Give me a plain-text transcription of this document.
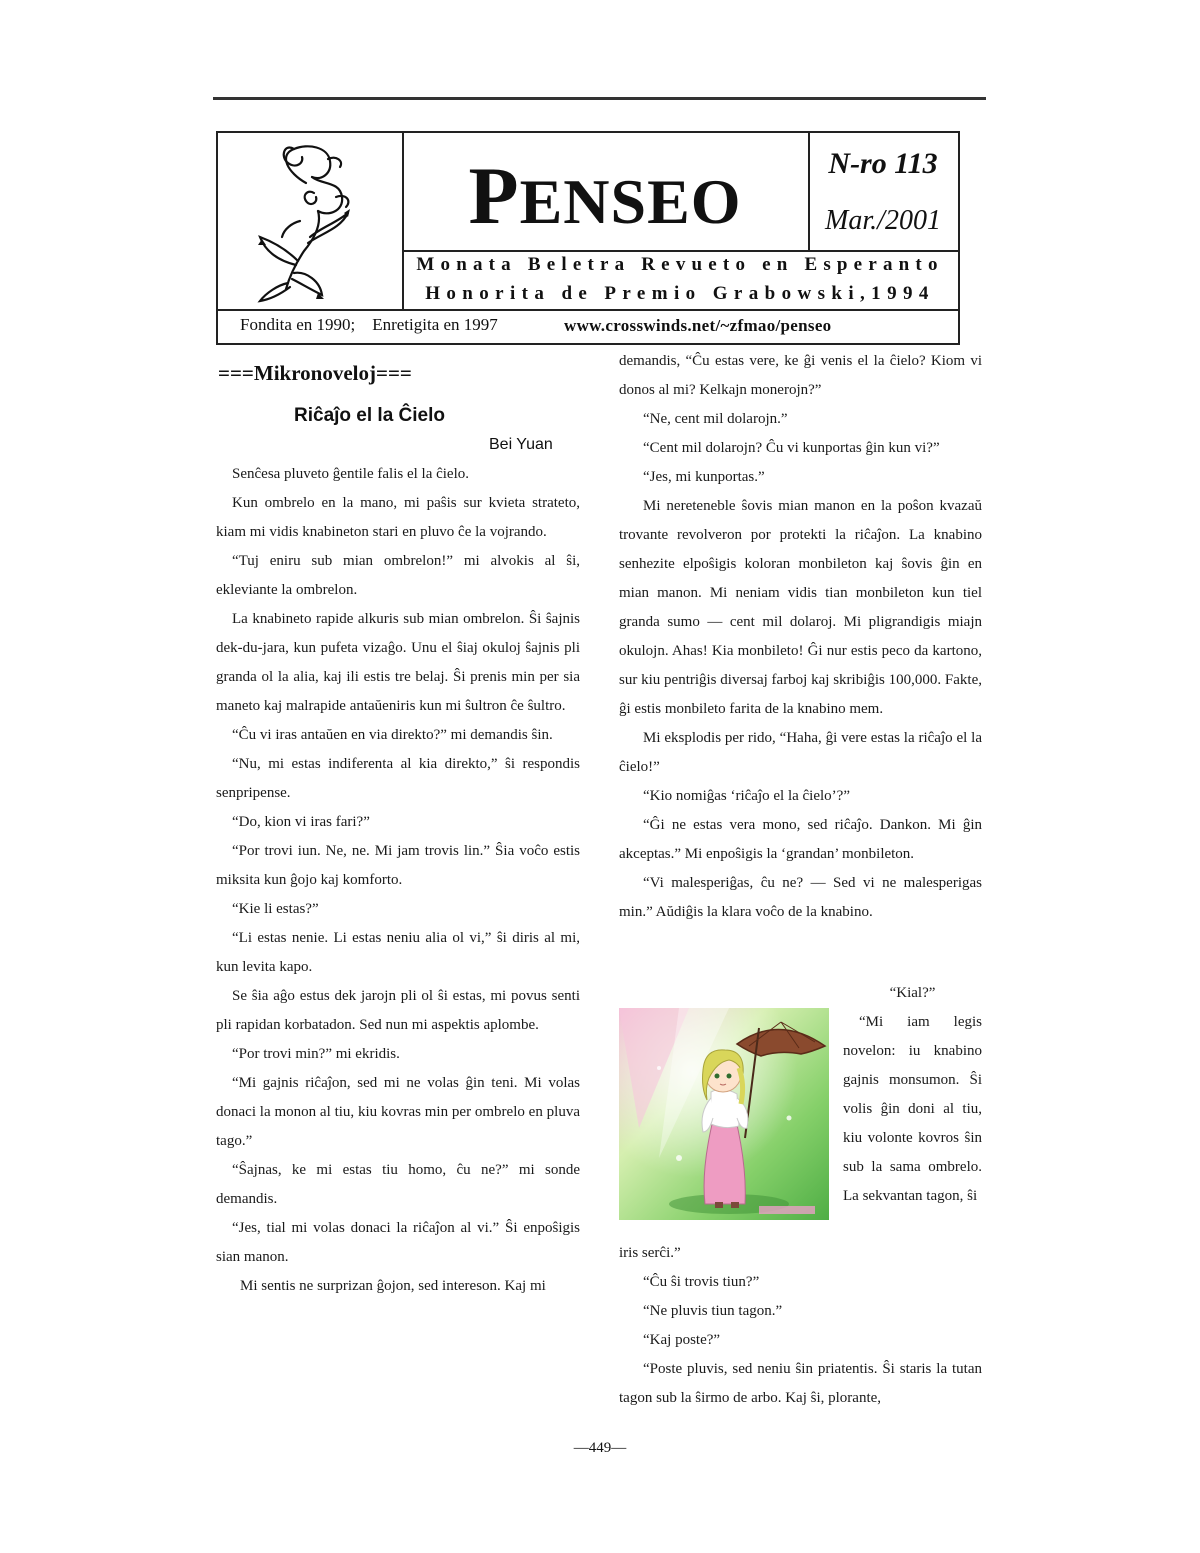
PENSEO
N-ro 113
Mar./2001
Monata Beletra Revueto en Esperanto
Honorita de Premio Grabowski,1994
Fondita en 1990;    Enretigita en 1997	www.crosswinds.net/~zfmao/penseo
===Mikronoveloj===
Riĉaĵo el la Ĉielo
Bei Yuan

Senĉesa pluveto ĝentile falis el la ĉielo.

Kun ombrelo en la mano, mi paŝis sur kvieta strateto, kiam mi vidis knabineton stari en pluvo ĉe la vojrando.

“Tuj eniru sub mian ombrelon!” mi alvokis al ŝi, ekleviante la ombrelon.

La knabineto rapide alkuris sub mian ombrelon. Ŝi ŝajnis dek-du-jara, kun pufeta vizaĝo. Unu el ŝiaj okuloj ŝajnis pli granda ol la alia, kaj ili estis tre belaj. Ŝi prenis min per sia maneto kaj malrapide antaŭeniris kun mi ŝultron ĉe ŝultro.

“Ĉu vi iras antaŭen en via direkto?” mi demandis ŝin.

“Nu, mi estas indiferenta al kia direkto,” ŝi respondis senpripense.

“Do, kion vi iras fari?”

“Por trovi iun. Ne, ne. Mi jam trovis lin.” Ŝia voĉo estis miksita kun ĝojo kaj komforto.

“Kie li estas?”

“Li estas nenie. Li estas neniu alia ol vi,” ŝi diris al mi, kun levita kapo.

Se ŝia aĝo estus dek jarojn pli ol ŝi estas, mi povus senti pli rapidan korbatadon. Sed nun mi aspektis aplombe.

“Por trovi min?” mi ekridis.

“Mi gajnis riĉaĵon, sed mi ne volas ĝin teni. Mi volas donaci la monon al tiu, kiu kovras min per ombrelo en pluva tago.”

“Ŝajnas, ke mi estas tiu homo, ĉu ne?” mi sonde demandis.

“Jes, tial mi volas donaci la riĉaĵon al vi.” Ŝi enpoŝigis sian manon.

Mi sentis ne surprizan ĝojon, sed intereson. Kaj mi

demandis, “Ĉu estas vere, ke ĝi venis el la ĉielo? Kiom vi donos al mi? Kelkajn monerojn?”

“Ne, cent mil dolarojn.”

“Cent mil dolarojn? Ĉu vi kunportas ĝin kun vi?”

“Jes, mi kunportas.”

Mi nereteneble ŝovis mian manon en la poŝon kvazaŭ trovante revolveron por protekti la riĉaĵon. La knabino senhezite elpoŝigis koloran monbileton kaj ŝovis ĝin en mian manon. Mi neniam vidis tian monbileton kun tiel granda sumo — cent mil dolaroj. Mi pligrandigis miajn okulojn. Ahas! Kia monbileto! Ĝi nur estis peco da kartono, sur kiu pentriĝis diversaj farboj kaj skribiĝis 100,000. Fakte, ĝi estis monbileto farita de la knabino mem.

Mi eksplodis per rido, “Haha, ĝi vere estas la riĉaĵo el la ĉielo!”

“Kio nomiĝas ‘riĉaĵo el la ĉielo’?”

“Ĝi ne estas vera mono, sed riĉaĵo. Dankon. Mi ĝin akceptas.” Mi enpoŝigis la ‘grandan’ monbileton.

“Vi malesperiĝas, ĉu ne? — Sed vi ne malesperigas min.” Aŭdiĝis la klara voĉo de la knabino.

“Kial?”

“Mi iam legis novelon: iu knabino gajnis monsumon. Ŝi volis ĝin doni al tiu, kiu volonte kovros ŝin sub la sama ombrelo. La sekvantan tagon, ŝi

iris serĉi.”

“Ĉu ŝi trovis tiun?”

“Ne pluvis tiun tagon.”

“Kaj poste?”

“Poste pluvis, sed neniu ŝin priatentis. Ŝi staris la tutan tagon sub la ŝirmo de arbo. Kaj ŝi, plorante,

—449—
